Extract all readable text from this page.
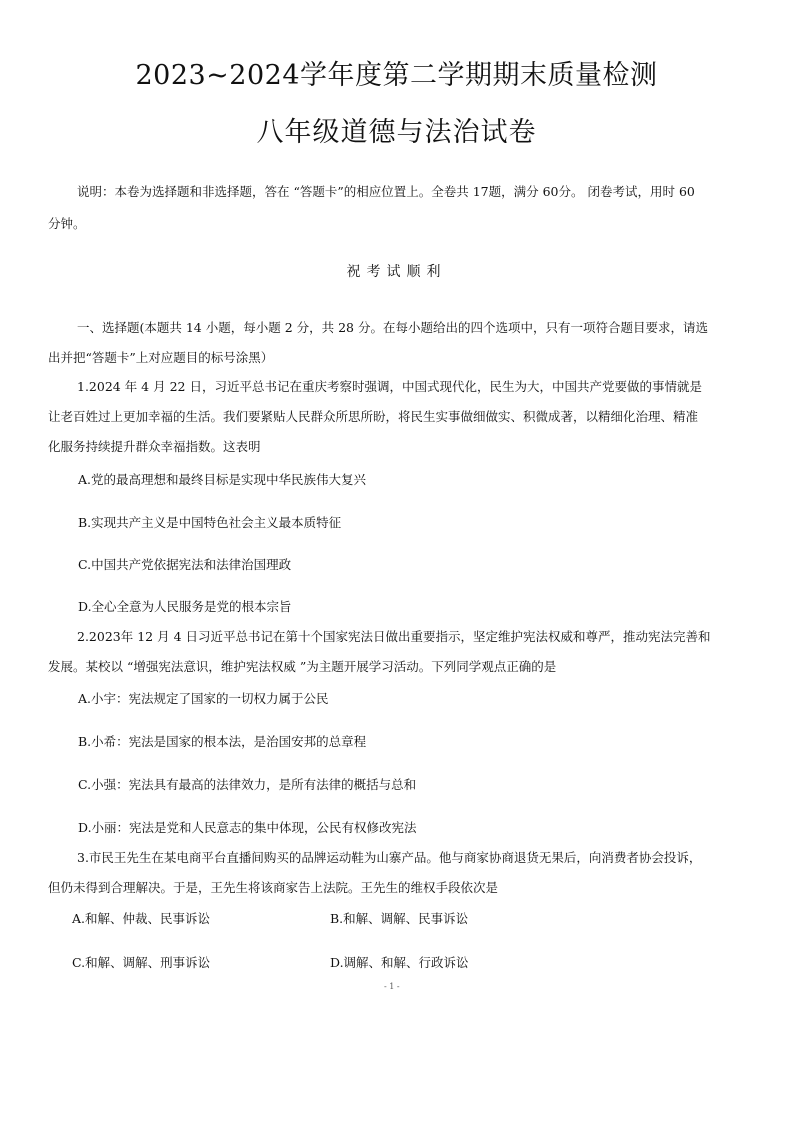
2023~2024学年度第二学期期末质量检测
八年级道德与法治试卷
说明：本卷为选择题和非选择题，答在 “答题卡”的相应位置上。全卷共 17题，满分 60分。 闭卷考试，用时 60
分钟。
祝考试顺利
一、选择题(本题共 14 小题，每小题 2 分，共 28 分。在每小题给出的四个选项中，只有一项符合题目要求，请选
出并把“答题卡”上对应题目的标号涂黑）
1.2024 年 4 月 22 日，习近平总书记在重庆考察时强调，中国式现代化，民生为大，中国共产党要做的事情就是
让老百姓过上更加幸福的生活。我们要紧贴人民群众所思所盼，将民生实事做细做实、积微成著，以精细化治理、精准
化服务持续提升群众幸福指数。这表明
A.党的最高理想和最终目标是实现中华民族伟大复兴
B.实现共产主义是中国特色社会主义最本质特征
C.中国共产党依据宪法和法律治国理政
D.全心全意为人民服务是党的根本宗旨
2.2023年 12 月 4 日习近平总书记在第十个国家宪法日做出重要指示，坚定维护宪法权威和尊严，推动宪法完善和
发展。某校以 “增强宪法意识，维护宪法权威 ”为主题开展学习活动。下列同学观点正确的是
A.小宇：宪法规定了国家的一切权力属于公民
B.小希：宪法是国家的根本法，是治国安邦的总章程
C.小强：宪法具有最高的法律效力，是所有法律的概括与总和
D.小丽：宪法是党和人民意志的集中体现，公民有权修改宪法
3.市民王先生在某电商平台直播间购买的品牌运动鞋为山寨产品。他与商家协商退货无果后，向消费者协会投诉，
但仍未得到合理解决。于是，王先生将该商家告上法院。王先生的维权手段依次是
A.和解、仲裁、民事诉讼	B.和解、调解、民事诉讼
C.和解、调解、刑事诉讼	D.调解、和解、行政诉讼
- 1 -
